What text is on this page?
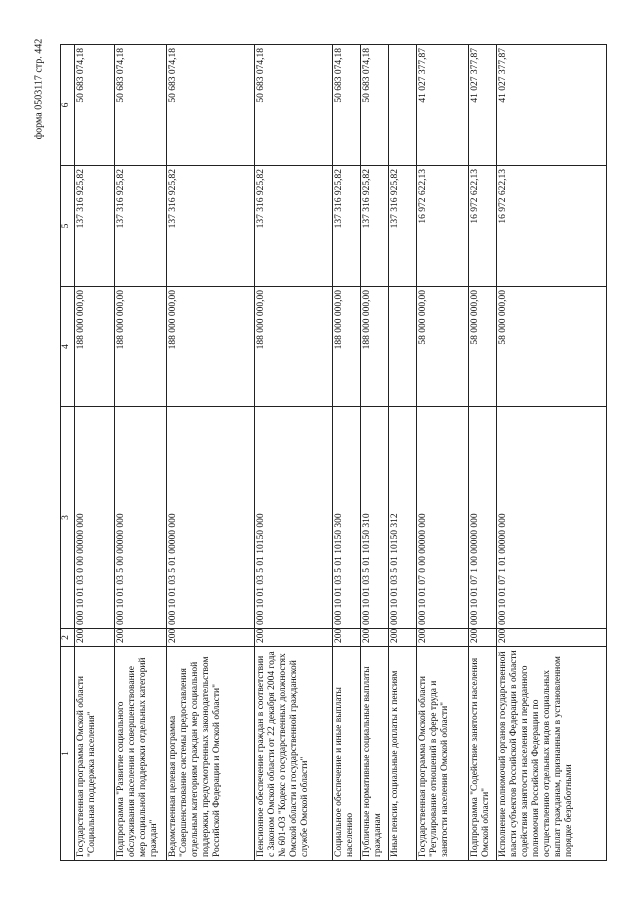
форма 0503117 стр. 442
1	2	3	4	5	6
Государственная программа Омской области "Социальная поддержка населения"	200	000 10 01 03 0 00 00000 000	188 000 000,00	137 316 925,82	50 683 074,18
Подпрограмма "Развитие социального обслуживания населения и совершенствование мер социальной поддержки отдельных категорий граждан"	200	000 10 01 03 5 00 00000 000	188 000 000,00	137 316 925,82	50 683 074,18
Ведомственная целевая программа "Совершенствование системы предоставления отдельным категориям граждан мер социальной поддержки, предусмотренных законодательством Российской Федерации и Омской области"	200	000 10 01 03 5 01 00000 000	188 000 000,00	137 316 925,82	50 683 074,18
Пенсионное обеспечение граждан в соответствии с Законом Омской области от 22 декабря 2004 года № 601-ОЗ "Кодекс о государственных должностях Омской области и государственной гражданской службе Омской области"	200	000 10 01 03 5 01 10150 000	188 000 000,00	137 316 925,82	50 683 074,18
Социальное обеспечение и иные выплаты населению	200	000 10 01 03 5 01 10150 300	188 000 000,00	137 316 925,82	50 683 074,18
Публичные нормативные социальные выплаты гражданам	200	000 10 01 03 5 01 10150 310	188 000 000,00	137 316 925,82	50 683 074,18
Иные пенсии, социальные доплаты к пенсиям	200	000 10 01 03 5 01 10150 312		137 316 925,82	
Государственная программа Омской области "Регулирование отношений в сфере труда и занятости населения Омской области"	200	000 10 01 07 0 00 00000 000	58 000 000,00	16 972 622,13	41 027 377,87
Подпрограмма "Содействие занятости населения Омской области"	200	000 10 01 07 1 00 00000 000	58 000 000,00	16 972 622,13	41 027 377,87
Исполнение полномочий органов государственной власти субъектов Российской Федерации в области содействия занятости населения и переданного полномочия Российской Федерации по осуществлению отдельных видов социальных выплат гражданам, признанным в установленном порядке безработными	200	000 10 01 07 1 01 00000 000	58 000 000,00	16 972 622,13	41 027 377,87
